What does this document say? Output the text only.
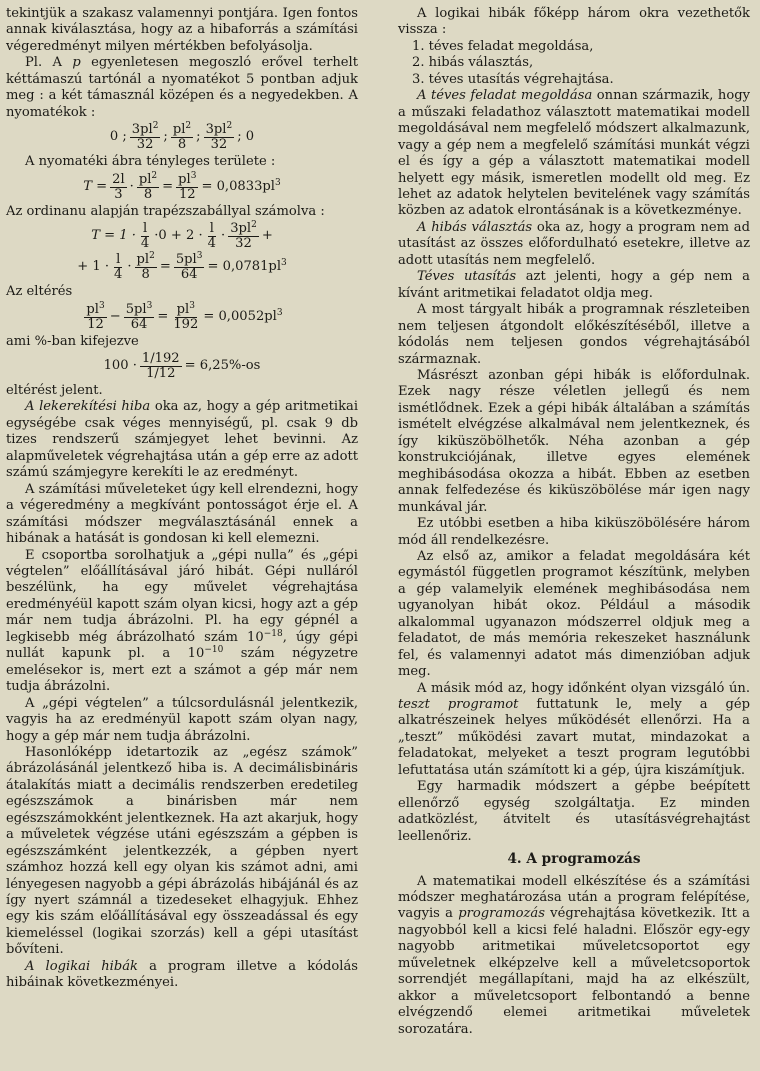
tekintjük a szakasz valamennyi pontjára. Igen fontos annak kiválasztása, hogy az a hibaforrás a számítási végeredményt milyen mértékben befolyásolja.

Pl. A p egyenletesen megoszló erővel terhelt kéttámaszú tartónál a nyomatékot 5 pontban adjuk meg : a két támasznál középen és a negyedekben. A nyomatékok :

0 ; $\frac{3pl^2}{32}$ ; $\frac{pl^2}{8}$ ; $\frac{3pl^2}{32}$ ; 0

A nyomatéki ábra tényleges területe :

$T = \frac{2l}{3} \cdot \frac{pl^2}{8} = \frac{pl^3}{12} = 0,0833pl^3$

Az ordinanu alapján trapézszabállyal számolva :

$T = 1 \cdot \frac{l}{4} \cdot 0 + 2 \cdot \frac{l}{4} \cdot \frac{3pl^2}{32}$ +
+ $1 \cdot \frac{l}{4} \cdot \frac{pl^2}{8} = \frac{5pl^3}{64} = 0,0781pl^3$

Az eltérés

$\frac{pl^3}{12} - \frac{5pl^3}{64} = \frac{pl^3}{192} = 0,0052pl^3$

ami %-ban kifejezve

$100 \cdot \frac{1/192}{1/12} = 6,25\%-os$

eltérést jelent.

A lekerekítési hiba oka az, hogy a gép aritmetikai egységébe csak véges mennyiségű, pl. csak 9 db tizes rendszerű számjegyet lehet bevinni. Az alapműveletek végrehajtása után a gép erre az adott számú számjegyre kerekíti le az eredményt.

A számítási műveleteket úgy kell elrendezni, hogy a végeredmény a megkívánt pontosságot érje el. A számítási módszer megválasztásánál ennek a hibának a hatását is gondosan ki kell elemezni.

E csoportba sorolhatjuk a „gépi nulla” és „gépi végtelen” előállításával járó hibát. Gépi nulláról beszélünk, ha egy művelet végrehajtása eredményéül kapott szám olyan kicsi, hogy azt a gép már nem tudja ábrázolni. Pl. ha egy gépnél a legkisebb még ábrázolható szám $10^{-18}$, úgy gépi nullát kapunk pl. a $10^{-10}$ szám négyzetre emelésekor is, mert ezt a számot a gép már nem tudja ábrázolni.

A „gépi végtelen” a túlcsordulásnál jelentkezik, vagyis ha az eredményül kapott szám olyan nagy, hogy a gép már nem tudja ábrázolni.

Hasonlóképp idetartozik az „egész számok” ábrázolásánál jelentkező hiba is. A decimálisbináris átalakítás miatt a decimális rendszerben eredetileg egészszámok a binárisben már nem egészszámokként jelentkeznek. Ha azt akarjuk, hogy a műveletek végzése utáni egészszám a gépben is egészszámként jelentkezzék, a gépben nyert számhoz hozzá kell egy olyan kis számot adni, ami lényegesen nagyobb a gépi ábrázolás hibájánál és az így nyert számnál a tizedeseket elhagyjuk. Ehhez egy kis szám előállításával egy összeadással és egy kiemeléssel (logikai szorzás) kell a gépi utasítást bővíteni.

A logikai hibák a program illetve a kódolás hibáinak következményei.

A logikai hibák főképp három okra vezethetők vissza :

1. téves feladat megoldása,

2. hibás választás,

3. téves utasítás végrehajtása.

A téves feladat megoldása onnan származik, hogy a műszaki feladathoz választott matematikai modell megoldásával nem megfelelő módszert alkalmazunk, vagy a gép nem a megfelelő számítási munkát végzi el és így a gép a választott matematikai modell helyett egy másik, ismeretlen modellt old meg. Ez lehet az adatok helytelen bevitelének vagy számítás közben az adatok elrontásának is a következménye.

A hibás választás oka az, hogy a program nem ad utasítást az összes előfordulható esetekre, illetve az adott utasítás nem megfelelő.

Téves utasítás azt jelenti, hogy a gép nem a kívánt aritmetikai feladatot oldja meg.

A most tárgyalt hibák a programnak részleteiben nem teljesen átgondolt előkészítéséből, illetve a kódolás nem teljesen gondos végrehajtásából származnak.

Másrészt azonban gépi hibák is előfordulnak. Ezek nagy része véletlen jellegű és nem ismétlődnek. Ezek a gépi hibák általában a számítás ismételt elvégzése alkalmával nem jelentkeznek, és így kiküszöbölhetők. Néha azonban a gép konstrukciójának, illetve egyes elemének meghibásodása okozza a hibát. Ebben az esetben annak felfedezése és kiküszöbölése már igen nagy munkával jár.

Ez utóbbi esetben a hiba kiküszöbölésére három mód áll rendelkezésre.

Az első az, amikor a feladat megoldására két egymástól független programot készítünk, melyben a gép valamelyik elemének meghibásodása nem ugyanolyan hibát okoz. Például a második alkalommal ugyanazon módszerrel oldjuk meg a feladatot, de más memória rekeszeket használunk fel, és valamennyi adatot más dimenzióban adjuk meg.

A másik mód az, hogy időnként olyan vizsgáló ún. teszt programot futtatunk le, mely a gép alkatrészeinek helyes működését ellenőrzi. Ha a „teszt” működési zavart mutat, mindazokat a feladatokat, melyeket a teszt program legutóbbi lefuttatása után számított ki a gép, újra kiszámítjuk.

Egy harmadik módszert a gépbe beépített ellenőrző egység szolgáltatja. Ez minden adatközlést, átvitelt és utasításvégrehajtást leellenőriz.

4. A programozás

A matematikai modell elkészítése és a számítási módszer meghatározása után a program felépítése, vagyis a programozás végrehajtása következik. Itt a nagyobból kell a kicsi felé haladni. Először egy-egy nagyobb aritmetikai műveletcsoportot egy műveletnek elképzelve kell a műveletcsoportok sorrendjét megállapítani, majd ha az elkészült, akkor a műveletcsoport felbontandó a benne elvégzendő elemei aritmetikai műveletek sorozatára.
